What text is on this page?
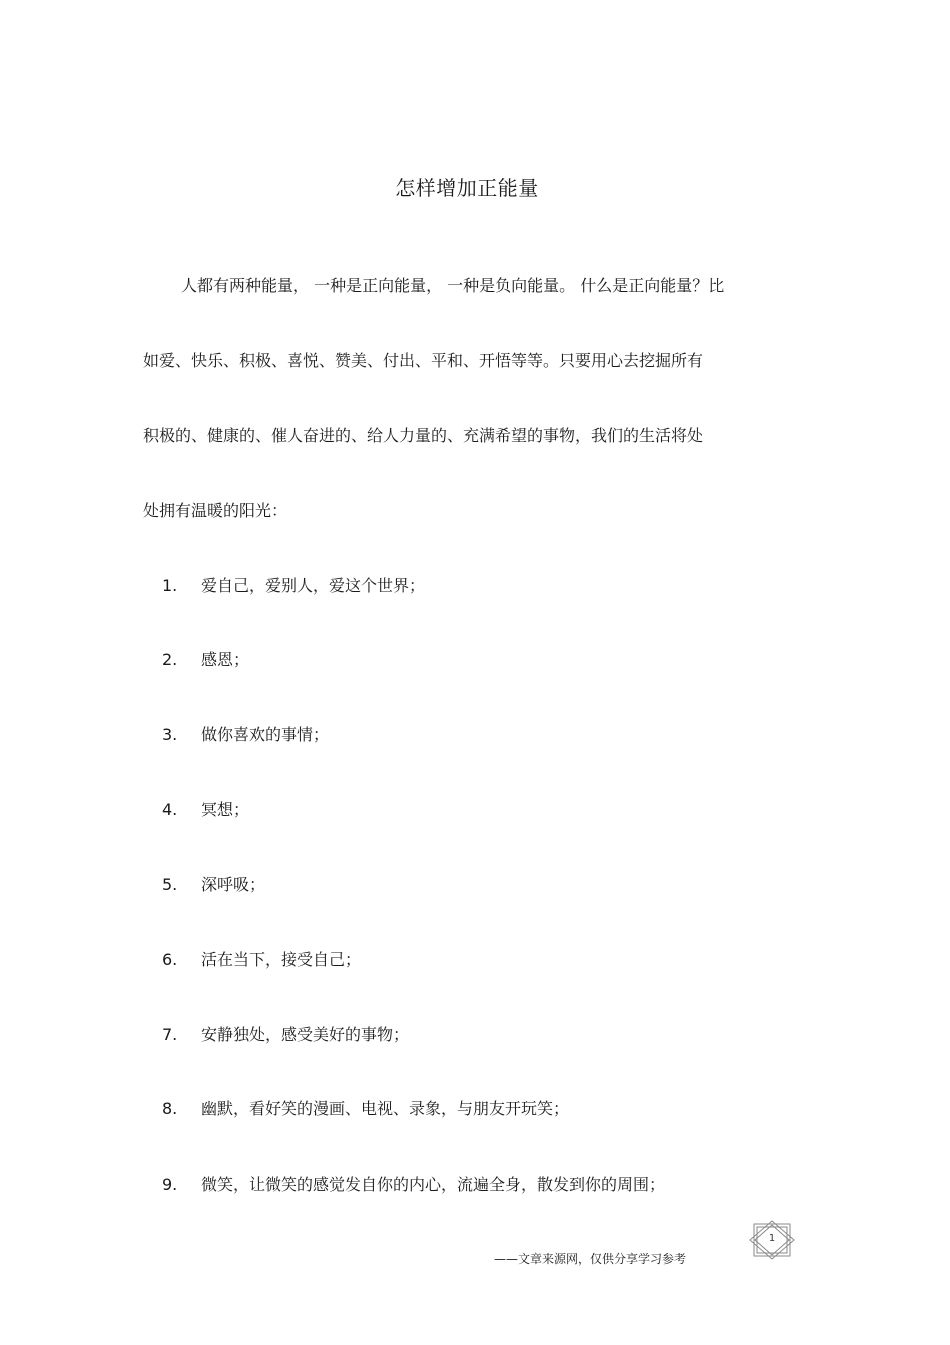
怎样增加正能量
人都有两种能量， 一种是正向能量， 一种是负向能量。 什么是正向能量？比
如爱、快乐、积极、喜悦、赞美、付出、平和、开悟等等。只要用心去挖掘所有
积极的、健康的、催人奋进的、给人力量的、充满希望的事物，我们的生活将处
处拥有温暖的阳光：
1. 爱自己，爱别人，爱这个世界；
2. 感恩；
3. 做你喜欢的事情；
4. 冥想；
5. 深呼吸；
6. 活在当下，接受自己；
7. 安静独处，感受美好的事物；
8. 幽默，看好笑的漫画、电视、录象，与朋友开玩笑；
9. 微笑，让微笑的感觉发自你的内心，流遍全身，散发到你的周围；
1
——文章来源网，仅供分享学习参考
